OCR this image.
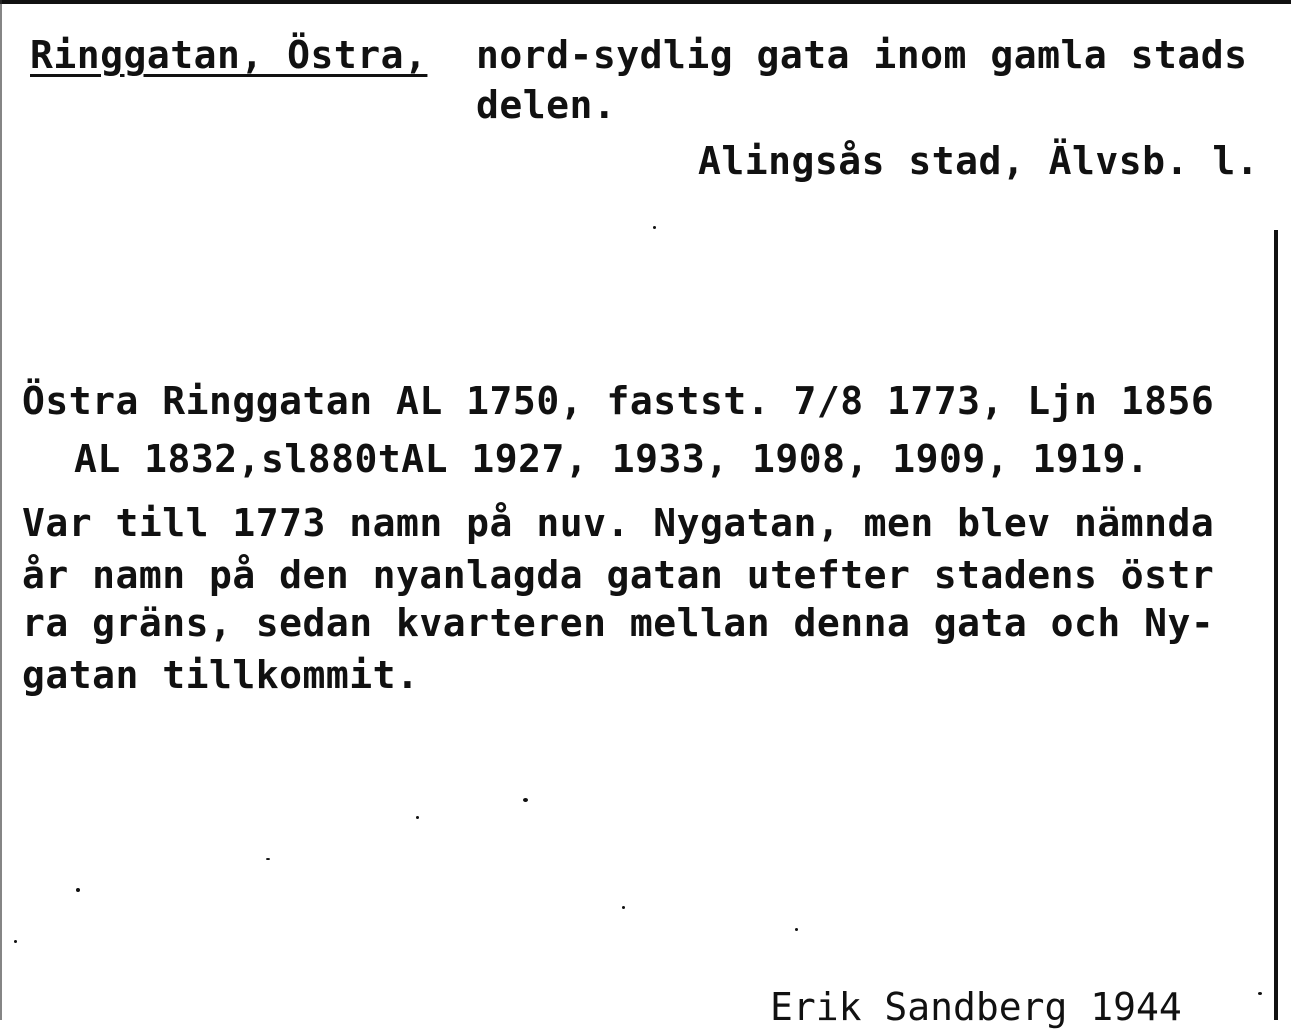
Ringgatan, Östra, nord-sydlig gata inom gamla stads
delen.
Alingsås stad, Älvsb. l.
Östra Ringgatan AL 1750, fastst. 7/8 1773, Ljn 1856
AL 1832,sl880tAL 1927, 1933, 1908, 1909, 1919.
Var till 1773 namn på nuv. Nygatan, men blev nämnda
år namn på den nyanlagda gatan utefter stadens östr
ra gräns, sedan kvarteren mellan denna gata och Ny-
gatan tillkommit.
Erik Sandberg 1944
